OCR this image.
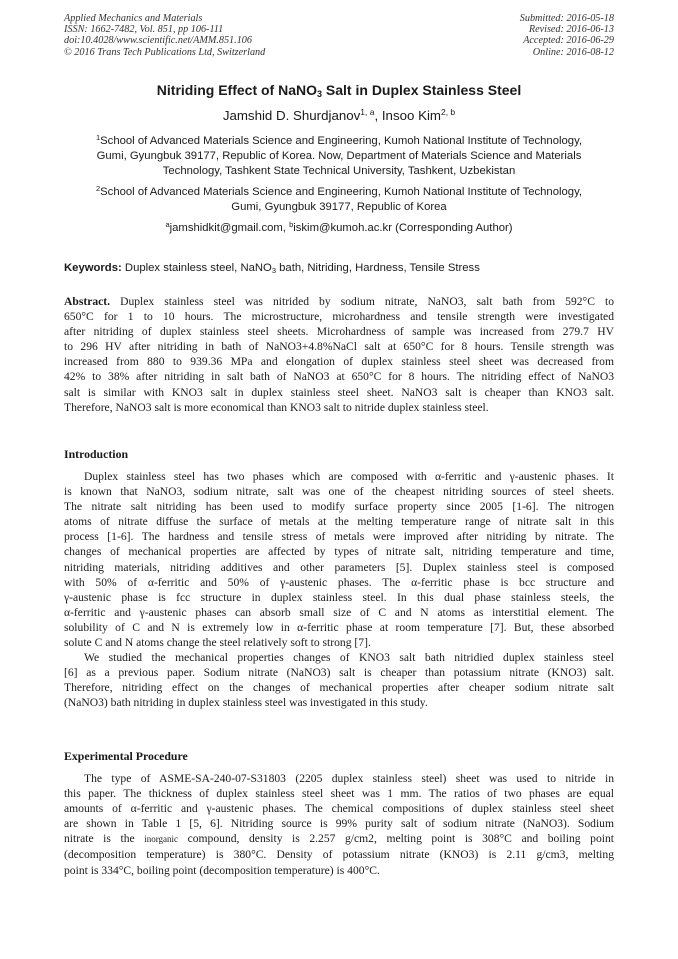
Applied Mechanics and Materials
ISSN: 1662-7482, Vol. 851, pp 106-111
doi:10.4028/www.scientific.net/AMM.851.106
© 2016 Trans Tech Publications Ltd, Switzerland
Submitted: 2016-05-18
Revised: 2016-06-13
Accepted: 2016-06-29
Online: 2016-08-12
Nitriding Effect of NaNO$_3$ Salt in Duplex Stainless Steel
Jamshid D. Shurdjanov$^{1, a}$, Insoo Kim$^{2, b}$
$^1$School of Advanced Materials Science and Engineering, Kumoh National Institute of Technology,
Gumi, Gyungbuk 39177, Republic of Korea. Now, Department of Materials Science and Materials
Technology, Tashkent State Technical University, Tashkent, Uzbekistan
$^2$School of Advanced Materials Science and Engineering, Kumoh National Institute of Technology,
Gumi, Gyungbuk 39177, Republic of Korea
$^a$jamshidkit@gmail.com, $^b$iskim@kumoh.ac.kr (Corresponding Author)
Keywords: Duplex stainless steel, NaNO$_3$ bath, Nitriding, Hardness, Tensile Stress
Abstract. Duplex stainless steel was nitrided by sodium nitrate, NaNO3, salt bath from 592°C to
650°C for 1 to 10 hours. The microstructure, microhardness and tensile strength were investigated
after nitriding of duplex stainless steel sheets. Microhardness of sample was increased from 279.7 HV
to 296 HV after nitriding in bath of NaNO3+4.8%NaCl salt at 650°C for 8 hours. Tensile strength was
increased from 880 to 939.36 MPa and elongation of duplex stainless steel sheet was decreased from
42% to 38% after nitriding in salt bath of NaNO3 at 650°C for 8 hours. The nitriding effect of NaNO3
salt is similar with KNO3 salt in duplex stainless steel sheet. NaNO3 salt is cheaper than KNO3 salt.
Therefore, NaNO3 salt is more economical than KNO3 salt to nitride duplex stainless steel.
Introduction
Duplex stainless steel has two phases which are composed with α-ferritic and γ-austenic phases. It
is known that NaNO3, sodium nitrate, salt was one of the cheapest nitriding sources of steel sheets.
The nitrate salt nitriding has been used to modify surface property since 2005 [1-6]. The nitrogen
atoms of nitrate diffuse the surface of metals at the melting temperature range of nitrate salt in this
process [1-6]. The hardness and tensile stress of metals were improved after nitriding by nitrate. The
changes of mechanical properties are affected by types of nitrate salt, nitriding temperature and time,
nitriding materials, nitriding additives and other parameters [5]. Duplex stainless steel is composed
with 50% of α-ferritic and 50% of γ-austenic phases. The α-ferritic phase is bcc structure and
γ-austenic phase is fcc structure in duplex stainless steel. In this dual phase stainless steels, the
α-ferritic and γ-austenic phases can absorb small size of C and N atoms as interstitial element. The
solubility of C and N is extremely low in α-ferritic phase at room temperature [7]. But, these absorbed
solute C and N atoms change the steel relatively soft to strong [7].
We studied the mechanical properties changes of KNO3 salt bath nitridied duplex stainless steel
[6] as a previous paper. Sodium nitrate (NaNO3) salt is cheaper than potassium nitrate (KNO3) salt.
Therefore, nitriding effect on the changes of mechanical properties after cheaper sodium nitrate salt
(NaNO3) bath nitriding in duplex stainless steel was investigated in this study.
Experimental Procedure
The type of ASME-SA-240-07-S31803 (2205 duplex stainless steel) sheet was used to nitride in
this paper. The thickness of duplex stainless steel sheet was 1 mm. The ratios of two phases are equal
amounts of α-ferritic and γ-austenic phases. The chemical compositions of duplex stainless steel sheet
are shown in Table 1 [5, 6]. Nitriding source is 99% purity salt of sodium nitrate (NaNO3). Sodium
nitrate is the inorganic compound, density is 2.257 g/cm2, melting point is 308°C and boiling point
(decomposition temperature) is 380°C. Density of potassium nitrate (KNO3) is 2.11 g/cm3, melting
point is 334°C, boiling point (decomposition temperature) is 400°C.
